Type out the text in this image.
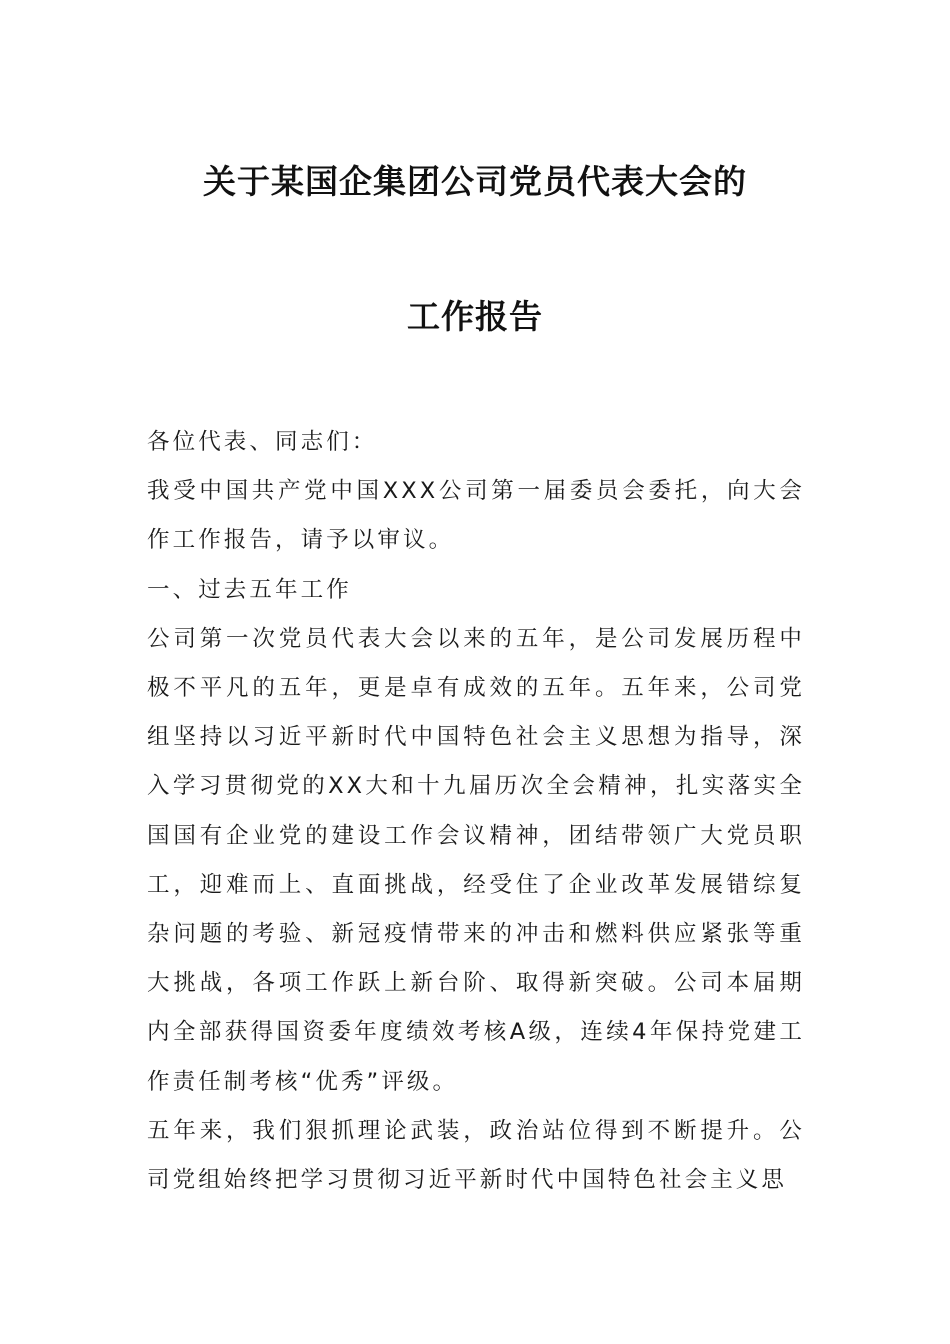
关于某国企集团公司党员代表大会的
工作报告

各位代表、同志们：

我受中国共产党中国XXX公司第一届委员会委托，向大会作工作报告，请予以审议。

一、过去五年工作

公司第一次党员代表大会以来的五年，是公司发展历程中极不平凡的五年，更是卓有成效的五年。五年来，公司党组坚持以习近平新时代中国特色社会主义思想为指导，深入学习贯彻党的XX大和十九届历次全会精神，扎实落实全国国有企业党的建设工作会议精神，团结带领广大党员职工，迎难而上、直面挑战，经受住了企业改革发展错综复杂问题的考验、新冠疫情带来的冲击和燃料供应紧张等重大挑战，各项工作跃上新台阶、取得新突破。公司本届期内全部获得国资委年度绩效考核A级，连续4年保持党建工作责任制考核“优秀”评级。

五年来，我们狠抓理论武装，政治站位得到不断提升。公司党组始终把学习贯彻习近平新时代中国特色社会主义思
